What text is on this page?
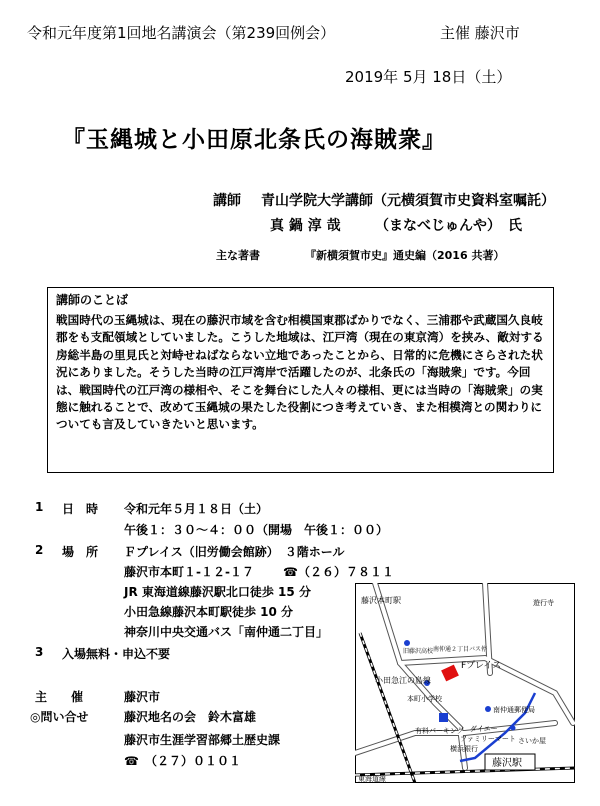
令和元年度第1回地名講演会（第239回例会）	主催 藤沢市
2019年 5月 18日（土）
『玉縄城と小田原北条氏の海賊衆』
講師 青山学院大学講師（元横須賀市史資料室嘱託）
真 鍋 淳 哉 （まなべじゅんや） 氏
主な著書	『新横須賀市史』通史編（2016 共著）
講師のことば
戦国時代の玉縄城は、現在の藤沢市域を含む相模国東郡ばかりでなく、三浦郡や武蔵国久良岐郡をも支配領域としていました。こうした地域は、江戸湾（現在の東京湾）を挟み、敵対する房総半島の里見氏と対峙せねばならない立地であったことから、日常的に危機にさらされた状況にありました。そうした当時の江戸湾岸で活躍したのが、北条氏の「海賊衆」です。今回は、戦国時代の江戸湾の様相や、そこを舞台にした人々の様相、更には当時の「海賊衆」の実態に触れることで、改めて玉縄城の果たした役割につき考えていき、また相模湾との関わりについても言及していきたいと思います。
1 日　時 令和元年５月１８日（土）
午後１：３０～４：００（開場　午後１：００）
2 場　所 Ｆプレイス（旧労働会館跡）　３階ホール
藤沢市本町１-１２-１７ ☎（２６）７８１１
JR 東海道線藤沢駅北口徒歩 15 分
小田急線藤沢本町駅徒歩 10 分
神奈川中央交通バス「南仲通二丁目」
3 入場無料・申込不要
主　　催	藤沢市
◎問い合せ	藤沢地名の会　鈴木富雄
藤沢市生涯学習部郷土歴史課
☎　（２７）０１０１
藤沢本町駅
小田急江の島線
旧藤沢高校 南仲通２丁目バス停
Fプレイス
本町小学校
有料パーキング
南仲通郵便局
ダイエー
ファミリーマート
横浜銀行
さいか屋
遊行寺
藤沢駅
東海道線
